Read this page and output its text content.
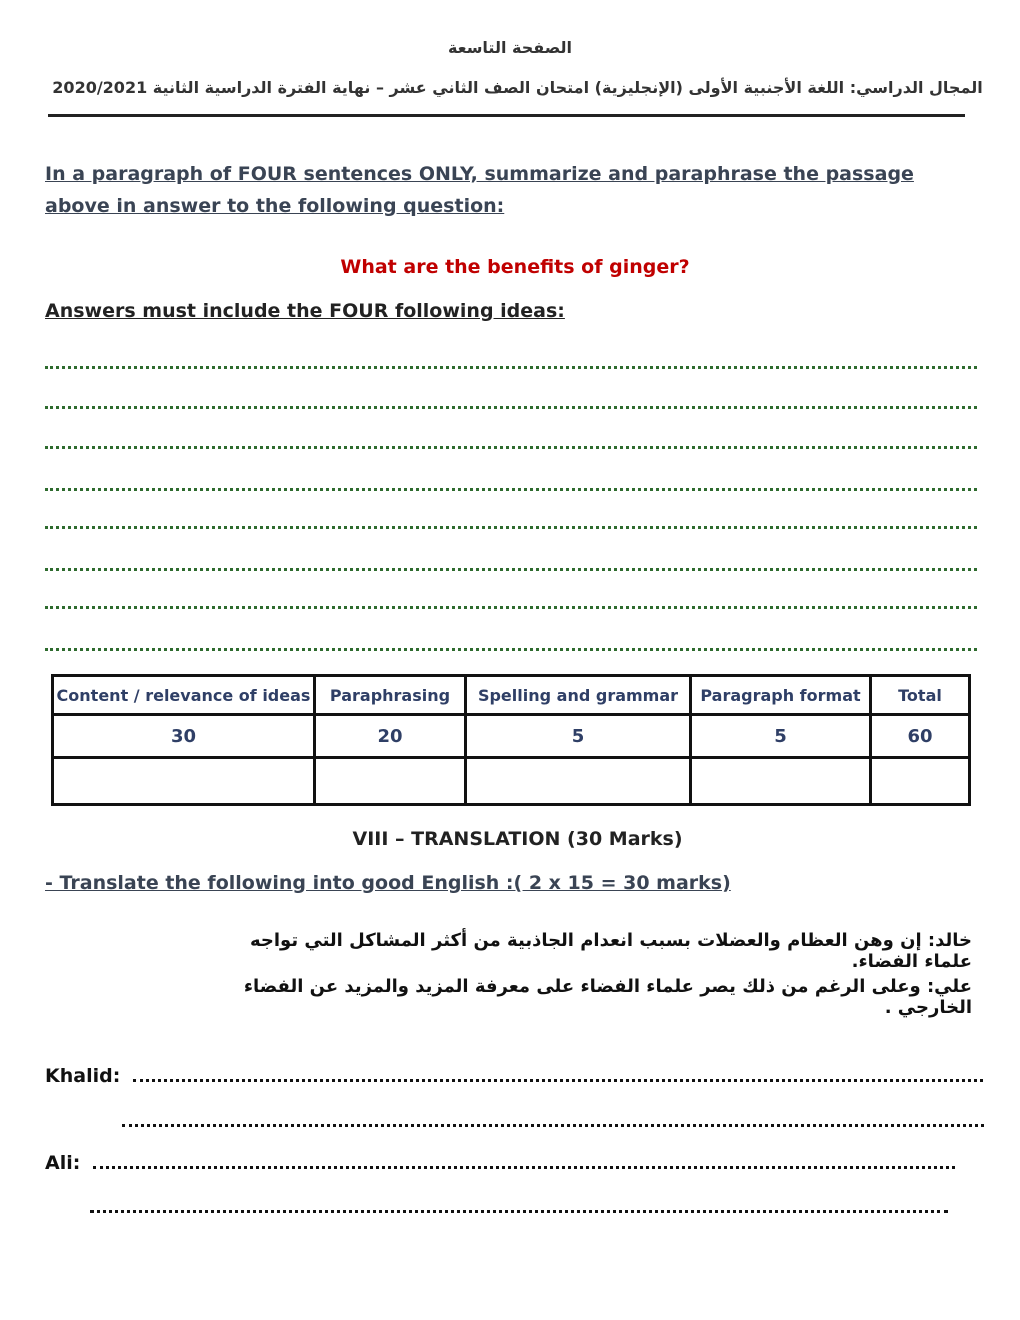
الصفحة التاسعة
المجال الدراسي: اللغة الأجنبية الأولى (الإنجليزية) امتحان الصف الثاني عشر – نهاية الفترة الدراسية الثانية 2020/2021
In a paragraph of FOUR sentences ONLY, summarize and paraphrase the passage above in answer to the following question:
What are the benefits of ginger?
Answers must include the FOUR following ideas:
Content / relevance of ideas	Paraphrasing	Spelling and grammar	Paragraph format	Total
30	20	5	5	60

VIII – TRANSLATION (30 Marks)
- Translate the following into good English :( 2 x 15 = 30 marks)
خالد: إن وهن العظام والعضلات بسبب انعدام الجاذبية من أكثر المشاكل التي تواجه علماء الفضاء.
علي: وعلى الرغم من ذلك يصر علماء الفضاء على معرفة المزيد والمزيد عن الفضاء الخارجي .
Khalid:
Ali:
